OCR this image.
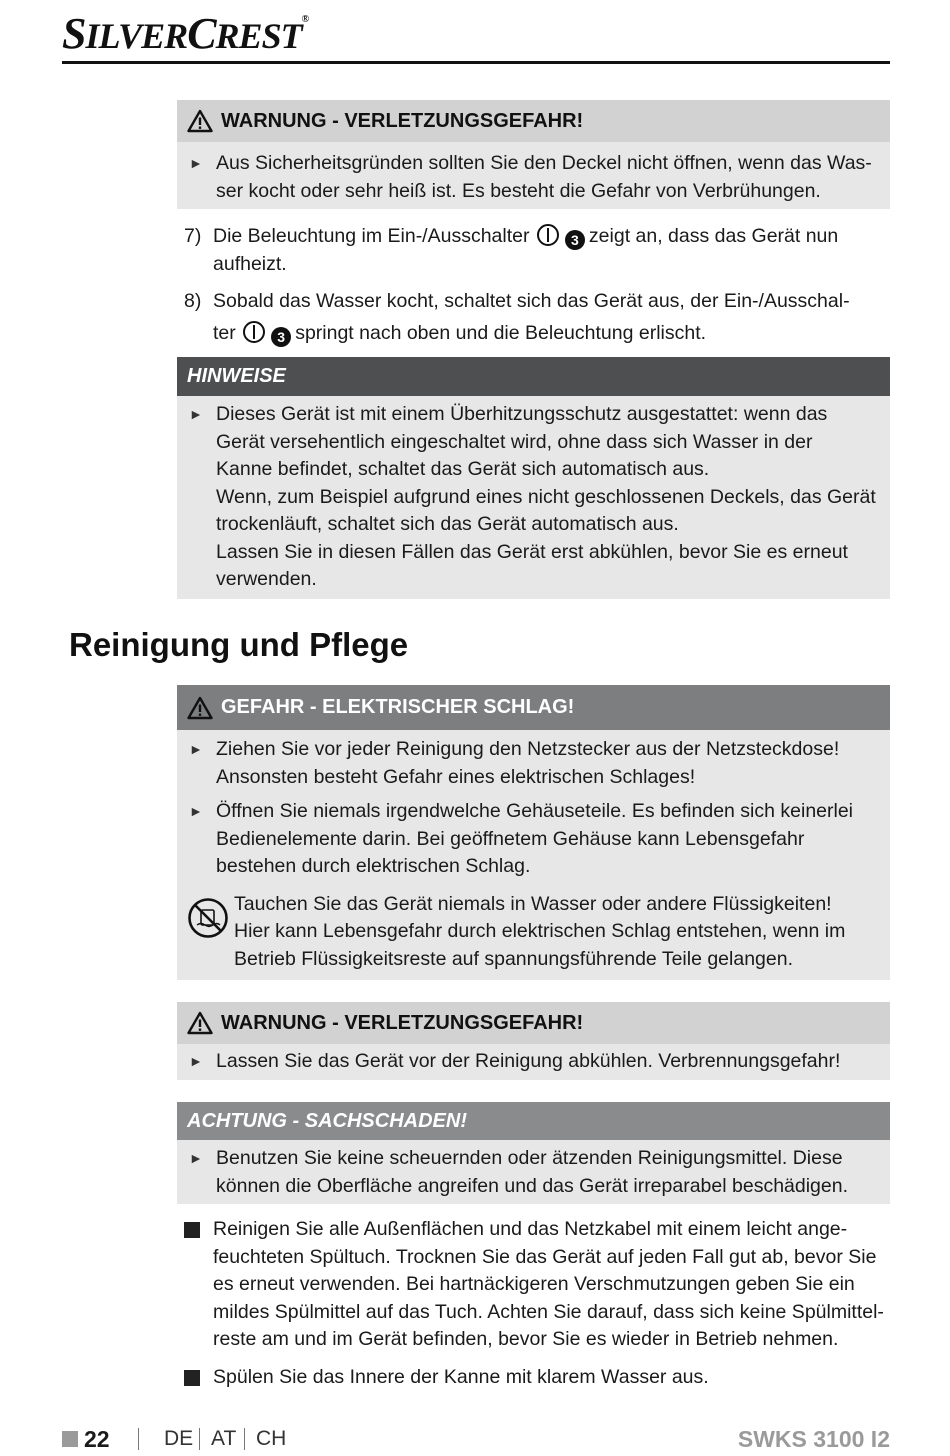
SILVERCREST®
WARNUNG - VERLETZUNGSGEFAHR!
► Aus Sicherheitsgründen sollten Sie den Deckel nicht öffnen, wenn das Was-
ser kocht oder sehr heiß ist. Es besteht die Gefahr von Verbrühungen.
7) Die Beleuchtung im Ein-/Ausschalter	3 zeigt an, dass das Gerät nun
aufheizt.
8) Sobald das Wasser kocht, schaltet sich das Gerät aus, der Ein-/Ausschal-
ter	3 springt nach oben und die Beleuchtung erlischt.
HINWEISE
► Dieses Gerät ist mit einem Überhitzungsschutz ausgestattet: wenn das
Gerät versehentlich eingeschaltet wird, ohne dass sich Wasser in der
Kanne befindet, schaltet das Gerät sich automatisch aus.
Wenn, zum Beispiel aufgrund eines nicht geschlossenen Deckels, das Gerät
trockenläuft, schaltet sich das Gerät automatisch aus.
Lassen Sie in diesen Fällen das Gerät erst abkühlen, bevor Sie es erneut
verwenden.
Reinigung und Pflege
GEFAHR - ELEKTRISCHER SCHLAG!
► Ziehen Sie vor jeder Reinigung den Netzstecker aus der Netzsteckdose!
Ansonsten besteht Gefahr eines elektrischen Schlages!
► Öffnen Sie niemals irgendwelche Gehäuseteile. Es befinden sich keinerlei
Bedienelemente darin. Bei geöffnetem Gehäuse kann Lebensgefahr
bestehen durch elektrischen Schlag.
Tauchen Sie das Gerät niemals in Wasser oder andere Flüssigkeiten!
Hier kann Lebensgefahr durch elektrischen Schlag entstehen, wenn im
Betrieb Flüssigkeitsreste auf spannungsführende Teile gelangen.
WARNUNG - VERLETZUNGSGEFAHR!
► Lassen Sie das Gerät vor der Reinigung abkühlen. Verbrennungsgefahr!
ACHTUNG - SACHSCHADEN!
► Benutzen Sie keine scheuernden oder ätzenden Reinigungsmittel. Diese
können die Oberfläche angreifen und das Gerät irreparabel beschädigen.
Reinigen Sie alle Außenflächen und das Netzkabel mit einem leicht ange-
feuchteten Spültuch. Trocknen Sie das Gerät auf jeden Fall gut ab, bevor Sie
es erneut verwenden. Bei hartnäckigeren Verschmutzungen geben Sie ein
mildes Spülmittel auf das Tuch. Achten Sie darauf, dass sich keine Spülmittel-
reste am und im Gerät befinden, bevor Sie es wieder in Betrieb nehmen.
Spülen Sie das Innere der Kanne mit klarem Wasser aus.
22	DE AT CH	SWKS 3100 I2
